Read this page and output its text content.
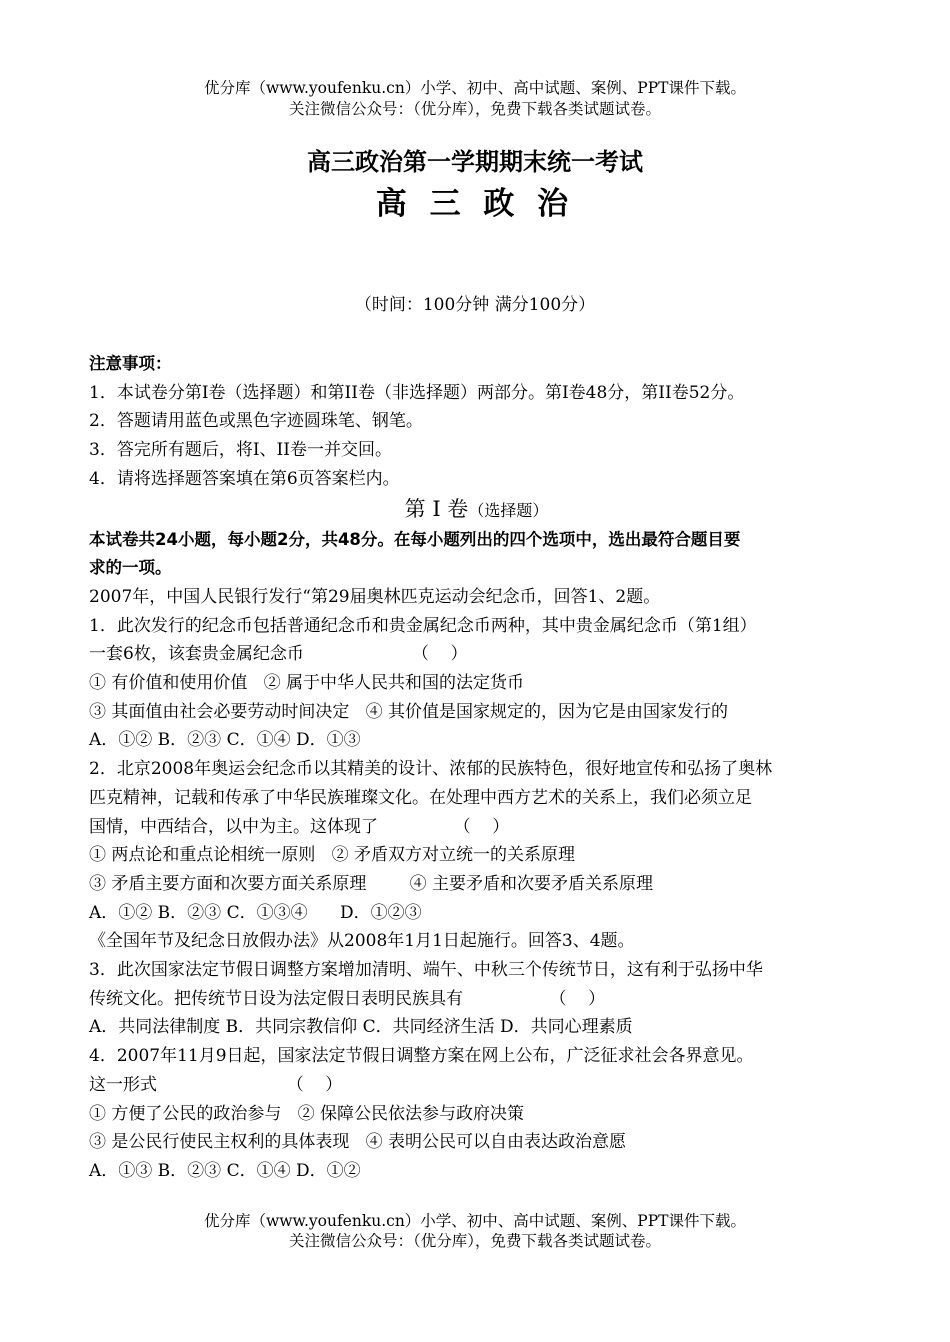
优分库（www.youfenku.cn）小学、初中、高中试题、案例、PPT课件下载。
关注微信公众号：（优分库），免费下载各类试题试卷。
高三政治第一学期期末统一考试
高 三 政 治
（时间：100分钟 满分100分）
注意事项：
1．本试卷分第I卷（选择题）和第II卷（非选择题）两部分。第I卷48分，第II卷52分。
2．答题请用蓝色或黑色字迹圆珠笔、钢笔。
3．答完所有题后，将I、II卷一并交回。
4．请将选择题答案填在第6页答案栏内。
第 I 卷（选择题）
本试卷共24小题，每小题2分，共48分。在每小题列出的四个选项中，选出最符合题目要
求的一项。
2007年，中国人民银行发行“第29届奥林匹克运动会纪念币，回答1、2题。
1．此次发行的纪念币包括普通纪念币和贵金属纪念币两种，其中贵金属纪念币（第1组）
一套6枚，该套贵金属纪念币                    （    ）
① 有价值和使用价值   ② 属于中华人民共和国的法定货币
③ 其面值由社会必要劳动时间决定   ④ 其价值是国家规定的，因为它是由国家发行的
A．①② B．②③ C．①④ D．①③
2．北京2008年奥运会纪念币以其精美的设计、浓郁的民族特色，很好地宣传和弘扬了奥林
匹克精神，记载和传承了中华民族璀璨文化。在处理中西方艺术的关系上，我们必须立足
国情，中西结合，以中为主。这体现了              （    ）
① 两点论和重点论相统一原则   ② 矛盾双方对立统一的关系原理
③ 矛盾主要方面和次要方面关系原理        ④ 主要矛盾和次要矛盾关系原理
A．①② B．②③ C．①③④      D．①②③
《全国年节及纪念日放假办法》从2008年1月1日起施行。回答3、4题。
3．此次国家法定节假日调整方案增加清明、端午、中秋三个传统节日，这有利于弘扬中华
传统文化。把传统节日设为法定假日表明民族具有                （    ）
A．共同法律制度 B．共同宗教信仰 C．共同经济生活 D．共同心理素质
4．2007年11月9日起，国家法定节假日调整方案在网上公布，广泛征求社会各界意见。
这一形式                        （    ）
① 方便了公民的政治参与   ② 保障公民依法参与政府决策
③ 是公民行使民主权利的具体表现   ④ 表明公民可以自由表达政治意愿
A．①③ B．②③ C．①④ D．①②
优分库（www.youfenku.cn）小学、初中、高中试题、案例、PPT课件下载。
关注微信公众号：（优分库），免费下载各类试题试卷。
